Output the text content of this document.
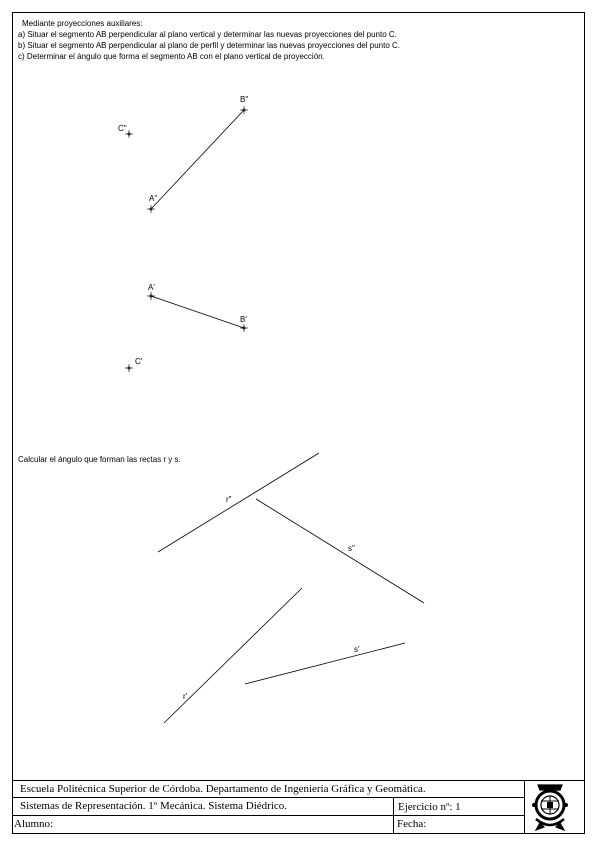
Mediante proyecciones auxiliares:
a) Situar el segmento AB perpendicular al plano vertical y determinar las nuevas proyecciones del punto C.
b) Situar el segmento AB perpendicular al plano de perfil y determinar las nuevas proyecciones del punto C.
c) Determinar el ángulo que forma el segmento AB con el plano vertical de proyección.
Calcular el ángulo que forman las rectas r y s.
A"
B"
C"
A'
B'
C'
r"
s"
r'
s'
Escuela Politécnica Superior de Córdoba. Departamento de Ingeniería Gráfica y Geomática.
Sistemas de Representación. 1º Mecánica. Sistema Diédrico.	Ejercicio nº: 1
Alumno:	Fecha:
